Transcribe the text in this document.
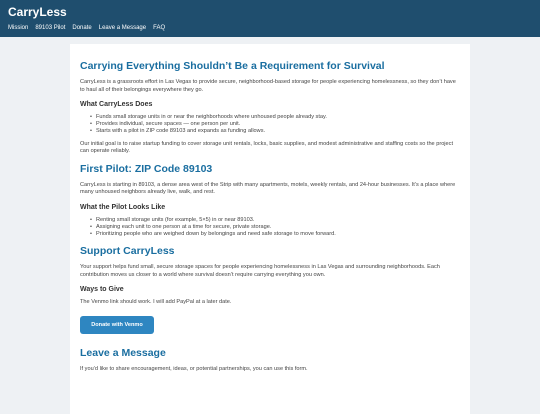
CarryLess
Mission 89103 Pilot Donate Leave a Message FAQ
Carrying Everything Shouldn’t Be a Requirement for Survival

CarryLess is a grassroots effort in Las Vegas to provide secure, neighborhood-based storage for people experiencing homelessness, so they don’t have to haul all of their belongings everywhere they go.

What CarryLess Does
• Funds small storage units in or near the neighborhoods where unhoused people already stay.
• Provides individual, secure spaces — one person per unit.
• Starts with a pilot in ZIP code 89103 and expands as funding allows.

Our initial goal is to raise startup funding to cover storage unit rentals, locks, basic supplies, and modest administrative and staffing costs so the project can operate reliably.

First Pilot: ZIP Code 89103

CarryLess is starting in 89103, a dense area west of the Strip with many apartments, motels, weekly rentals, and 24-hour businesses. It’s a place where many unhoused neighbors already live, walk, and rest.

What the Pilot Looks Like
• Renting small storage units (for example, 5×5) in or near 89103.
• Assigning each unit to one person at a time for secure, private storage.
• Prioritizing people who are weighed down by belongings and need safe storage to move forward.
Support CarryLess

Your support helps fund small, secure storage spaces for people experiencing homelessness in Las Vegas and surrounding neighborhoods. Each contribution moves us closer to a world where survival doesn’t require carrying everything you own.

Ways to Give

The Venmo link should work. I will add PayPal at a later date.

Donate with Venmo
Leave a Message

If you’d like to share encouragement, ideas, or potential partnerships, you can use this form.
